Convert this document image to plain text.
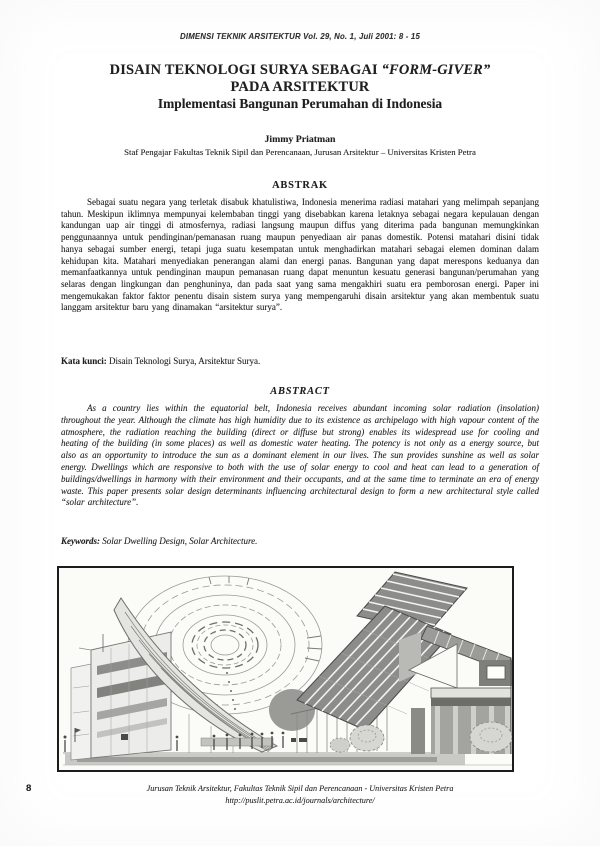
DIMENSI TEKNIK ARSITEKTUR Vol. 29, No. 1, Juli 2001: 8 - 15
DISAIN TEKNOLOGI SURYA SEBAGAI “FORM-GIVER”
PADA ARSITEKTUR
Implementasi Bangunan Perumahan di Indonesia
Jimmy Priatman
Staf Pengajar Fakultas Teknik Sipil dan Perencanaan, Jurusan Arsitektur – Universitas Kristen Petra
ABSTRAK
Sebagai suatu negara yang terletak disabuk khatulistiwa, Indonesia menerima radiasi matahari yang melimpah sepanjang tahun. Meskipun iklimnya mempunyai kelembaban tinggi yang disebabkan karena letaknya sebagai negara kepulauan dengan kandungan uap air tinggi di atmosfernya, radiasi langsung maupun diffus yang diterima pada bangunan memungkinkan penggunaannya untuk pendinginan/pemanasan ruang maupun penyediaan air panas domestik. Potensi matahari disini tidak hanya sebagai sumber energi, tetapi juga suatu kesempatan untuk menghadirkan matahari sebagai elemen dominan dalam kehidupan kita. Matahari menyediakan penerangan alami dan energi panas. Bangunan yang dapat merespons keduanya dan memanfaatkannya untuk pendinginan maupun pemanasan ruang dapat menuntun kesuatu generasi bangunan/perumahan yang selaras dengan lingkungan dan penghuninya, dan pada saat yang sama mengakhiri suatu era pemborosan energi. Paper ini mengemukakan faktor faktor penentu disain sistem surya yang mempengaruhi disain arsitektur yang akan membentuk suatu langgam arsitektur baru yang dinamakan “arsitektur surya”.
Kata kunci: Disain Teknologi Surya, Arsitektur Surya.
ABSTRACT
As a country lies within the equatorial belt, Indonesia receives abundant incoming solar radiation (insolation) throughout the year. Although the climate has high humidity due to its existence as archipelago with high vapour content of the atmosphere, the radiation reaching the building (direct or diffuse but strong) enables its widespread use for cooling and heating of the building (in some places) as well as domestic water heating. The potency is not only as a energy source, but also as an opportunity to introduce the sun as a dominant element in our lives. The sun provides sunshine as well as solar energy. Dwellings which are responsive to both with the use of solar energy to cool and heat can lead to a generation of buildings/dwellings in harmony with their environment and their occupants, and at the same time to terminate an era of energy waste. This paper presents solar design determinants influencing architectural design to form a new architectural style called “solar architecture”.
Keywords: Solar Dwelling Design, Solar Architecture.
8	Jurusan Teknik Arsitektur, Fakultas Teknik Sipil dan Perencanaan - Universitas Kristen Petra
http://puslit.petra.ac.id/journals/architecture/
